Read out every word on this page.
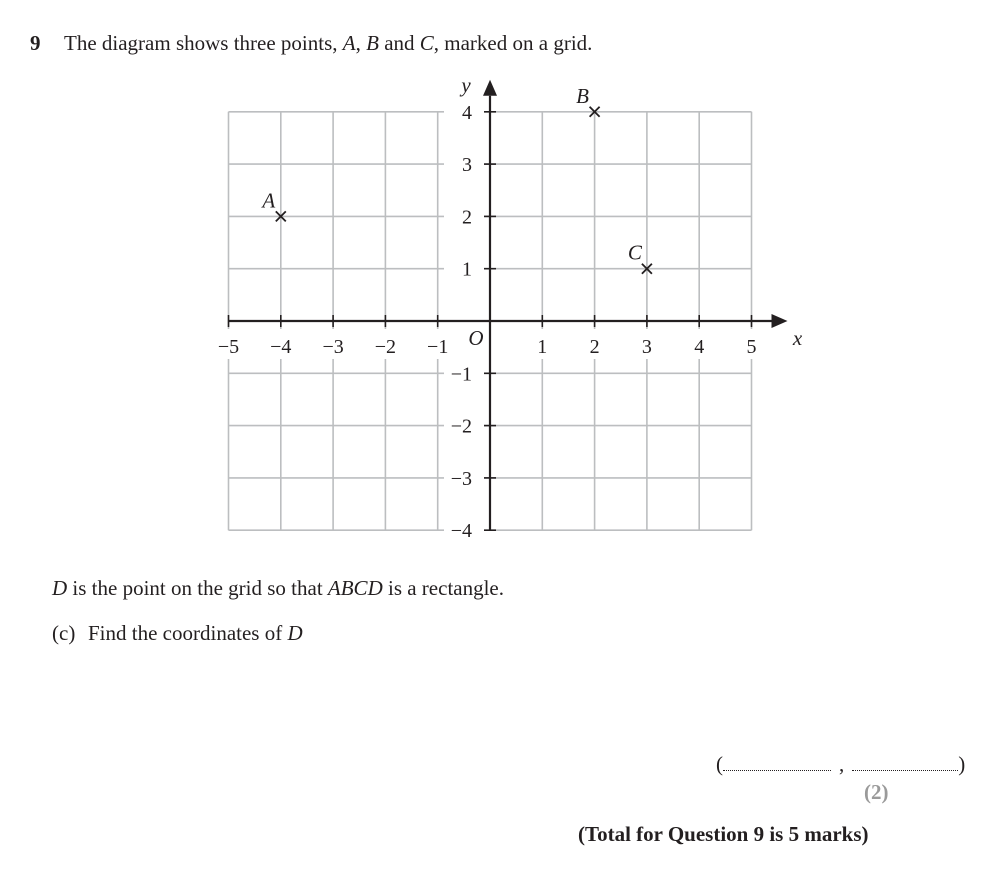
9 The diagram shows three points, A, B and C, marked on a grid.
−5 −4 −3 −2 −1	1 2 3 4 5
4
3
2
1
−1
−2
−3
−4
x
y
O
A
B
C
D is the point on the grid so that ABCD is a rectangle.
(c) Find the coordinates of D
(	,	)
(2)
(Total for Question 9 is 5 marks)
